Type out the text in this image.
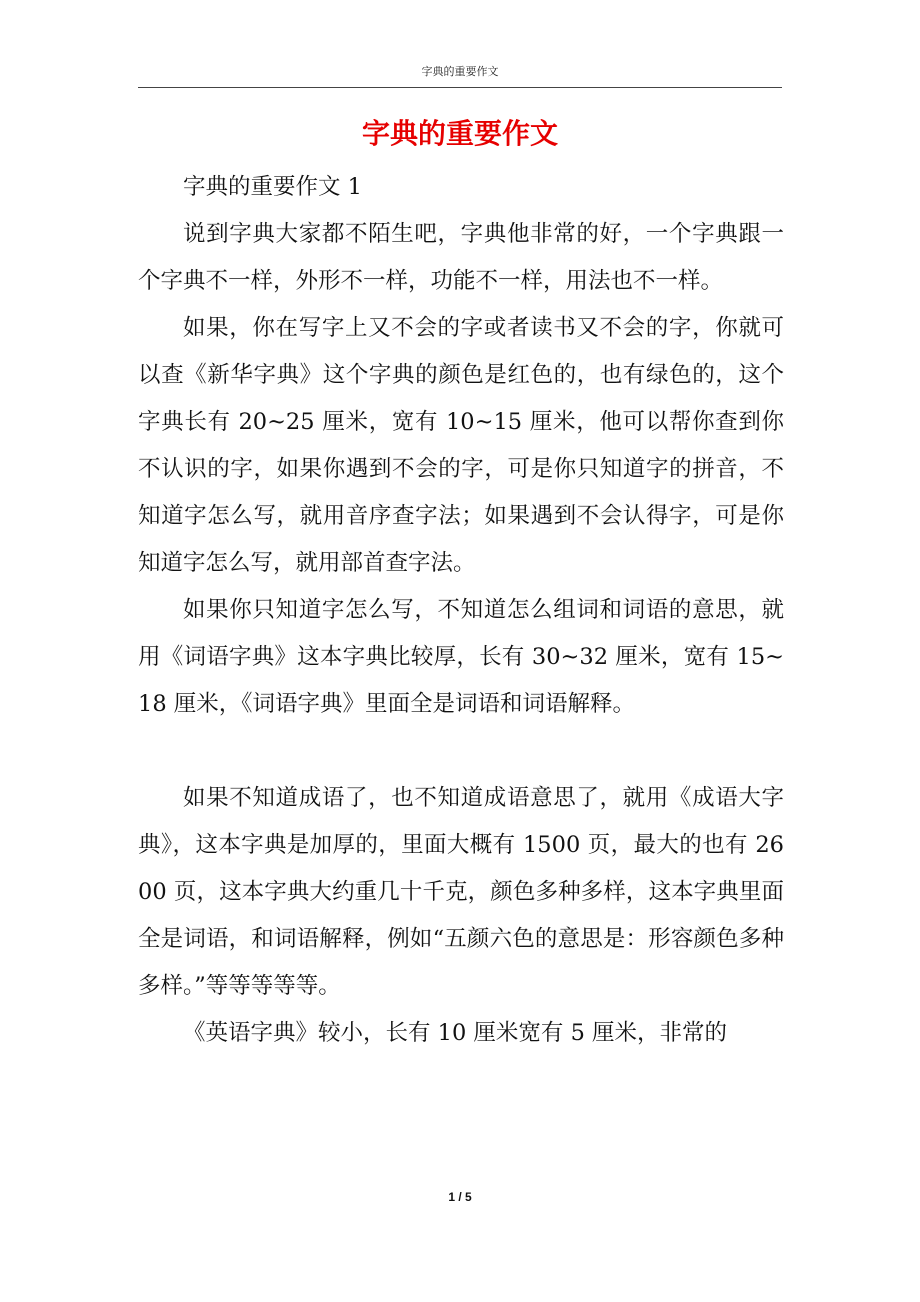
字典的重要作文
字典的重要作文

字典的重要作文 1

说到字典大家都不陌生吧，字典他非常的好，一个字典跟一个字典不一样，外形不一样，功能不一样，用法也不一样。

如果，你在写字上又不会的字或者读书又不会的字，你就可以查《新华字典》这个字典的颜色是红色的，也有绿色的，这个字典长有 20~25 厘米，宽有 10~15 厘米，他可以帮你查到你不认识的字，如果你遇到不会的字，可是你只知道字的拼音，不知道字怎么写，就用音序查字法；如果遇到不会认得字，可是你知道字怎么写，就用部首查字法。

如果你只知道字怎么写，不知道怎么组词和词语的意思，就用《词语字典》这本字典比较厚，长有 30~32 厘米，宽有 15~18 厘米，《词语字典》里面全是词语和词语解释。

如果不知道成语了，也不知道成语意思了，就用《成语大字典》，这本字典是加厚的，里面大概有 1500 页，最大的也有 2600 页，这本字典大约重几十千克，颜色多种多样，这本字典里面全是词语，和词语解释，例如“五颜六色的意思是：形容颜色多种多样。”等等等等等。

《英语字典》较小，长有 10 厘米宽有 5 厘米，非常的

1 / 5
